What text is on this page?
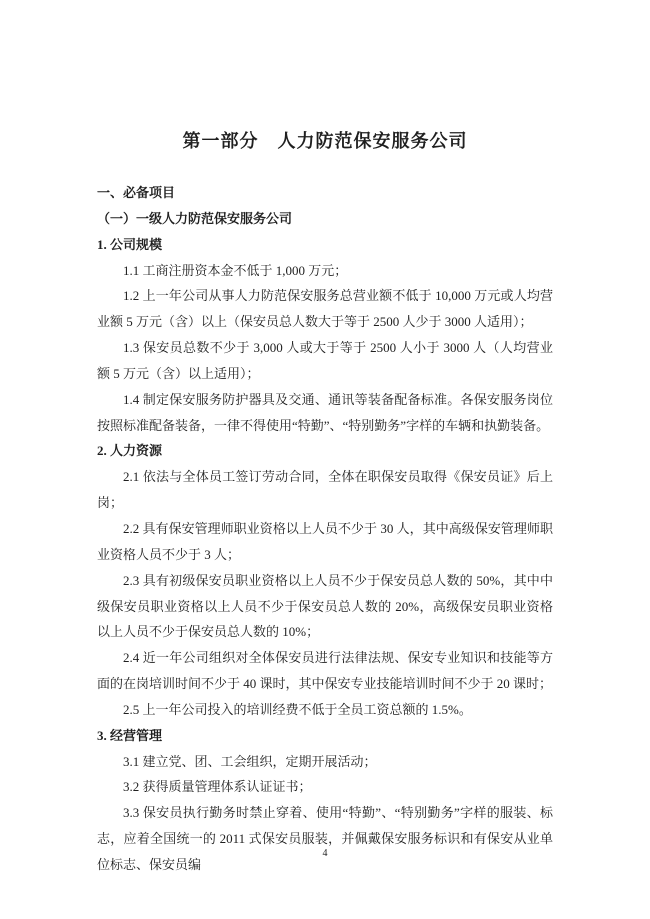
第一部分　人力防范保安服务公司
一、必备项目
（一）一级人力防范保安服务公司
1. 公司规模
1.1 工商注册资本金不低于 1,000 万元；
1.2 上一年公司从事人力防范保安服务总营业额不低于 10,000 万元或人均营业额 5 万元（含）以上（保安员总人数大于等于 2500 人少于 3000 人适用）；
1.3 保安员总数不少于 3,000 人或大于等于 2500 人小于 3000 人（人均营业额 5 万元（含）以上适用）；
1.4 制定保安服务防护器具及交通、通讯等装备配备标准。各保安服务岗位按照标准配备装备，一律不得使用“特勤”、“特别勤务”字样的车辆和执勤装备。
2. 人力资源
2.1 依法与全体员工签订劳动合同，全体在职保安员取得《保安员证》后上岗；
2.2 具有保安管理师职业资格以上人员不少于 30 人，其中高级保安管理师职业资格人员不少于 3 人；
2.3 具有初级保安员职业资格以上人员不少于保安员总人数的 50%，其中中级保安员职业资格以上人员不少于保安员总人数的 20%，高级保安员职业资格以上人员不少于保安员总人数的 10%；
2.4 近一年公司组织对全体保安员进行法律法规、保安专业知识和技能等方面的在岗培训时间不少于 40 课时，其中保安专业技能培训时间不少于 20 课时；
2.5 上一年公司投入的培训经费不低于全员工资总额的 1.5%。
3. 经营管理
3.1 建立党、团、工会组织，定期开展活动；
3.2 获得质量管理体系认证证书；
3.3 保安员执行勤务时禁止穿着、使用“特勤”、“特别勤务”字样的服装、标志，应着全国统一的 2011 式保安员服装，并佩戴保安服务标识和有保安从业单位标志、保安员编
4
